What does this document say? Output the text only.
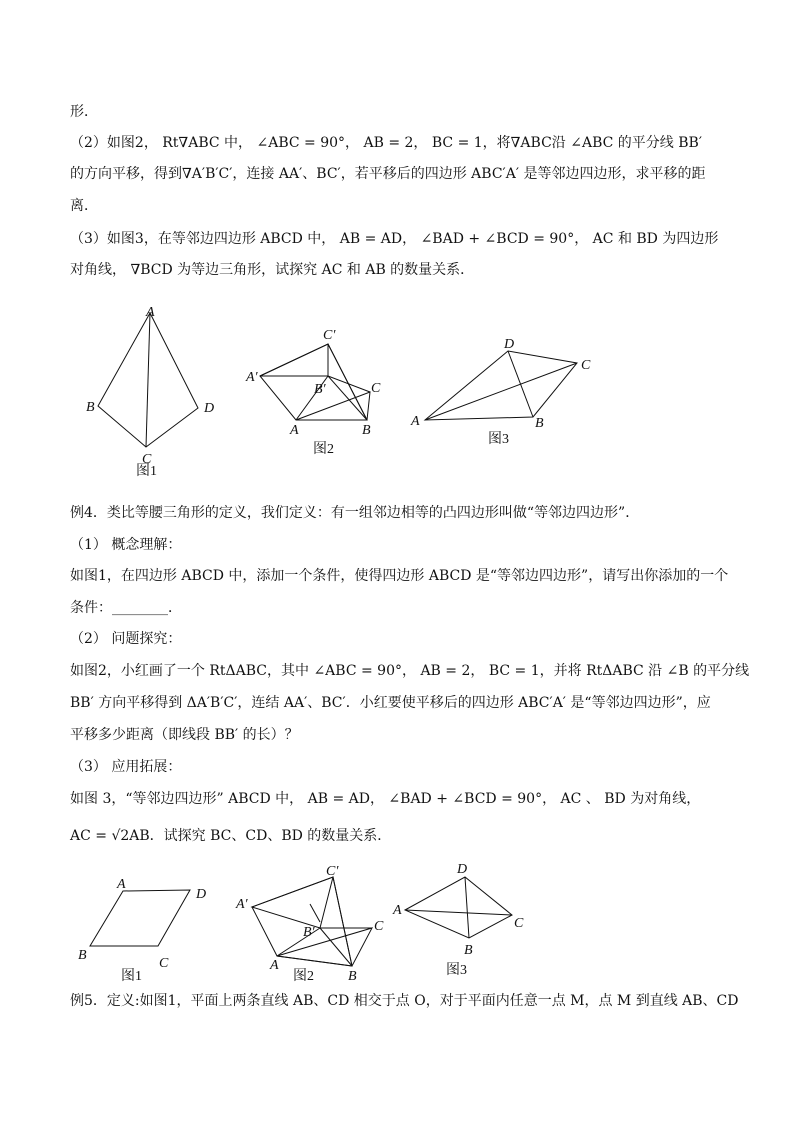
形．
（2）如图2， Rt∇ABC 中， ∠ABC = 90°， AB = 2， BC = 1，将∇ABC沿 ∠ABC 的平分线 BB′
的方向平移，得到∇A′B′C′，连接 AA′、BC′，若平移后的四边形 ABC′A′ 是等邻边四边形，求平移的距
离．
（3）如图3，在等邻边四边形 ABCD 中， AB = AD， ∠BAD + ∠BCD = 90°， AC 和 BD 为四边形
对角线， ∇BCD 为等边三角形，试探究 AC 和 AB 的数量关系．
A
B
C
D
图1
C′
A′
B′	C
A	B
图2
D
C
A	B
图3
例4．类比等腰三角形的定义，我们定义：有一组邻边相等的凸四边形叫做“等邻边四边形”．
（1） 概念理解：
如图1，在四边形 ABCD 中，添加一个条件，使得四边形 ABCD 是“等邻边四边形”，请写出你添加的一个
条件：________．
（2） 问题探究：
如图2，小红画了一个 RtΔABC，其中 ∠ABC = 90°， AB = 2， BC = 1，并将 RtΔABC 沿 ∠B 的平分线
BB′ 方向平移得到 ΔA′B′C′，连结 AA′、BC′．小红要使平移后的四边形 ABC′A′ 是“等邻边四边形”，应
平移多少距离（即线段 BB′ 的长）？
（3） 应用拓展：
如图 3，“等邻边四边形” ABCD 中， AB = AD， ∠BAD + ∠BCD = 90°， AC 、 BD 为对角线，
AC = √2AB．试探究 BC、CD、BD 的数量关系．
A
D
B
C
图1
C′
A′
B′	C
A
B
图2
D
A
C
B
图3
例5．定义:如图1，平面上两条直线 AB、CD 相交于点 O，对于平面内任意一点 M，点 M 到直线 AB、CD
